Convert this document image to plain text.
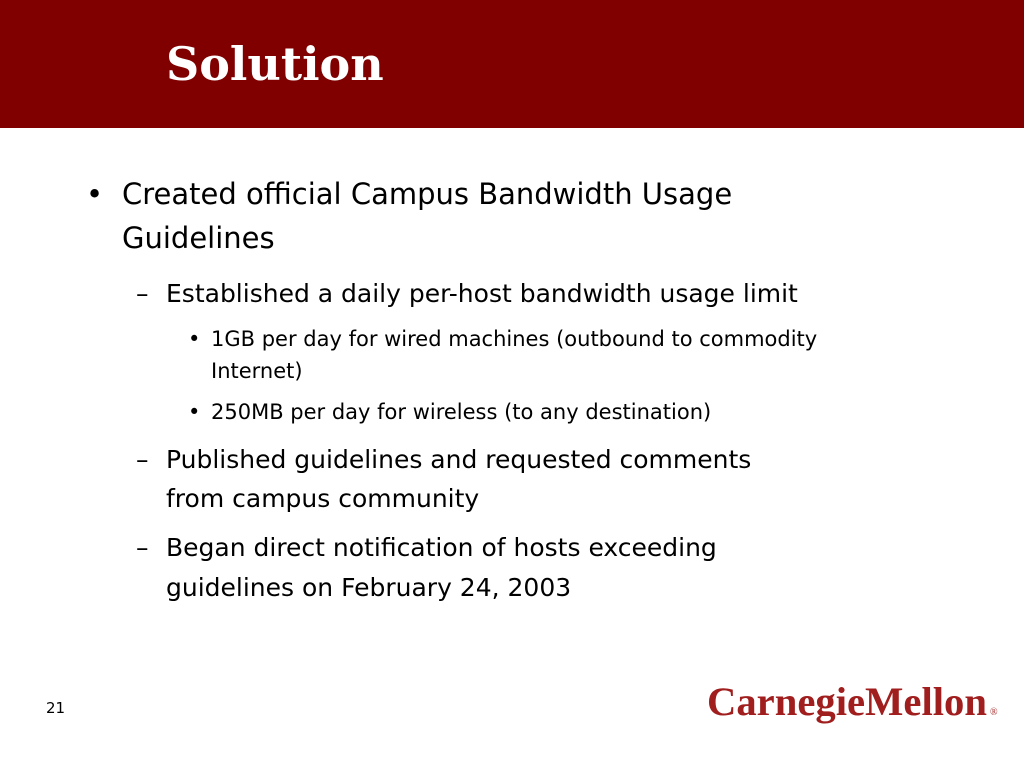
Solution
• Created official Campus Bandwidth Usage
Guidelines
– Established a daily per-host bandwidth usage limit
• 1GB per day for wired machines (outbound to commodity
Internet)
• 250MB per day for wireless (to any destination)
– Published guidelines and requested comments
from campus community
– Began direct notification of hosts exceeding
guidelines on February 24, 2003
21	CarnegieMellon ®
